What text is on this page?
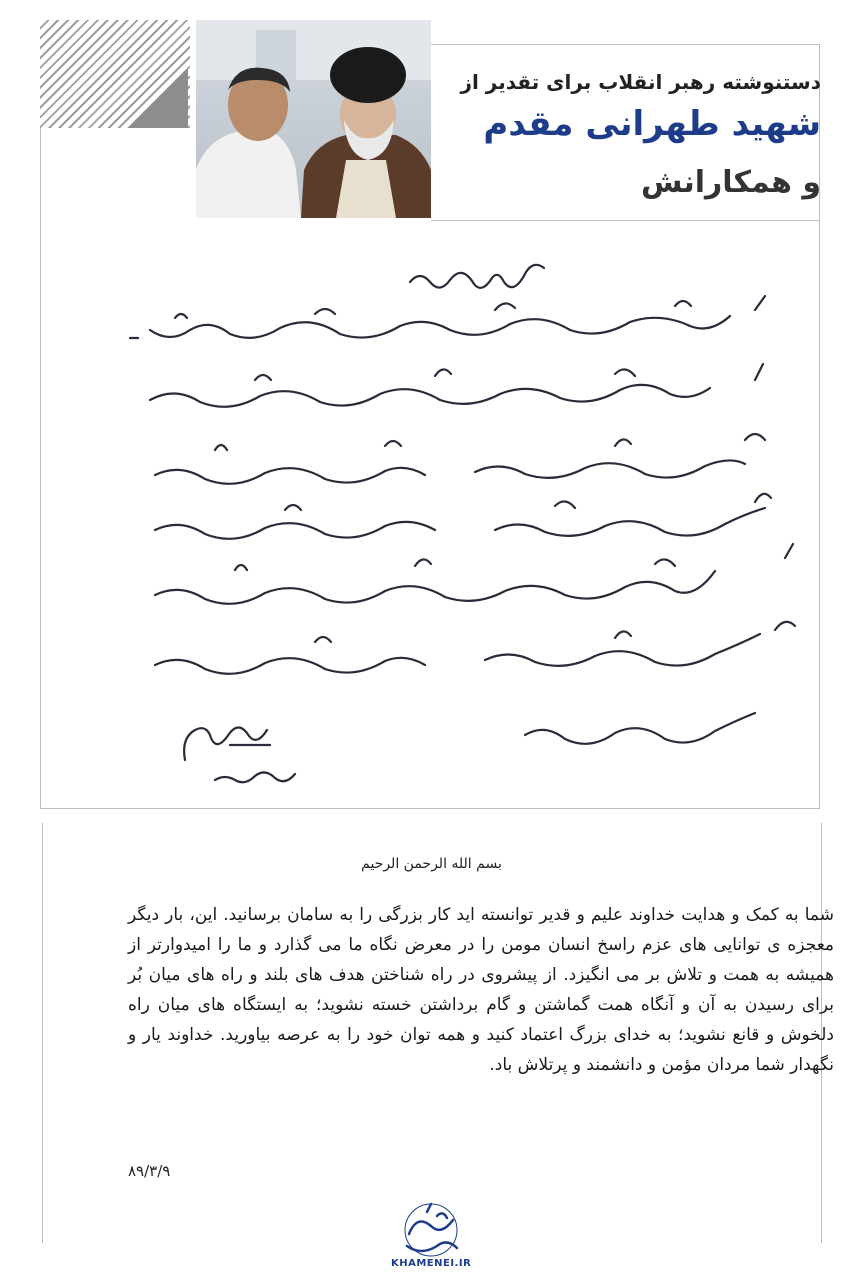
دستنوشته رهبر انقلاب برای تقدیر از
شهید طهرانی مقدم
و همکارانش
بسم الله الرحمن الرحیم
شما به کمک و هدایت خداوند علیم و قدیر توانسته اید کار بزرگی را به سامان برسانید. این، بار دیگر معجزه ی توانایی های عزم راسخ انسان مومن را در معرض نگاه ما می گذارد و ما را امیدوارتر از همیشه به همت و تلاش بر می انگیزد. از پیشروی در راه شناختن هدف های بلند و راه های میان بُر برای رسیدن به آن و آنگاه همت گماشتن و گام برداشتن خسته نشوید؛ به ایستگاه های میان راه دلخوش و قانع نشوید؛ به خدای بزرگ اعتماد کنید و همه توان خود را به عرصه بیاورید. خداوند یار و نگهدار شما مردان مؤمن و دانشمند و پرتلاش باد.
۸۹/۳/۹
KHAMENEI.IR
